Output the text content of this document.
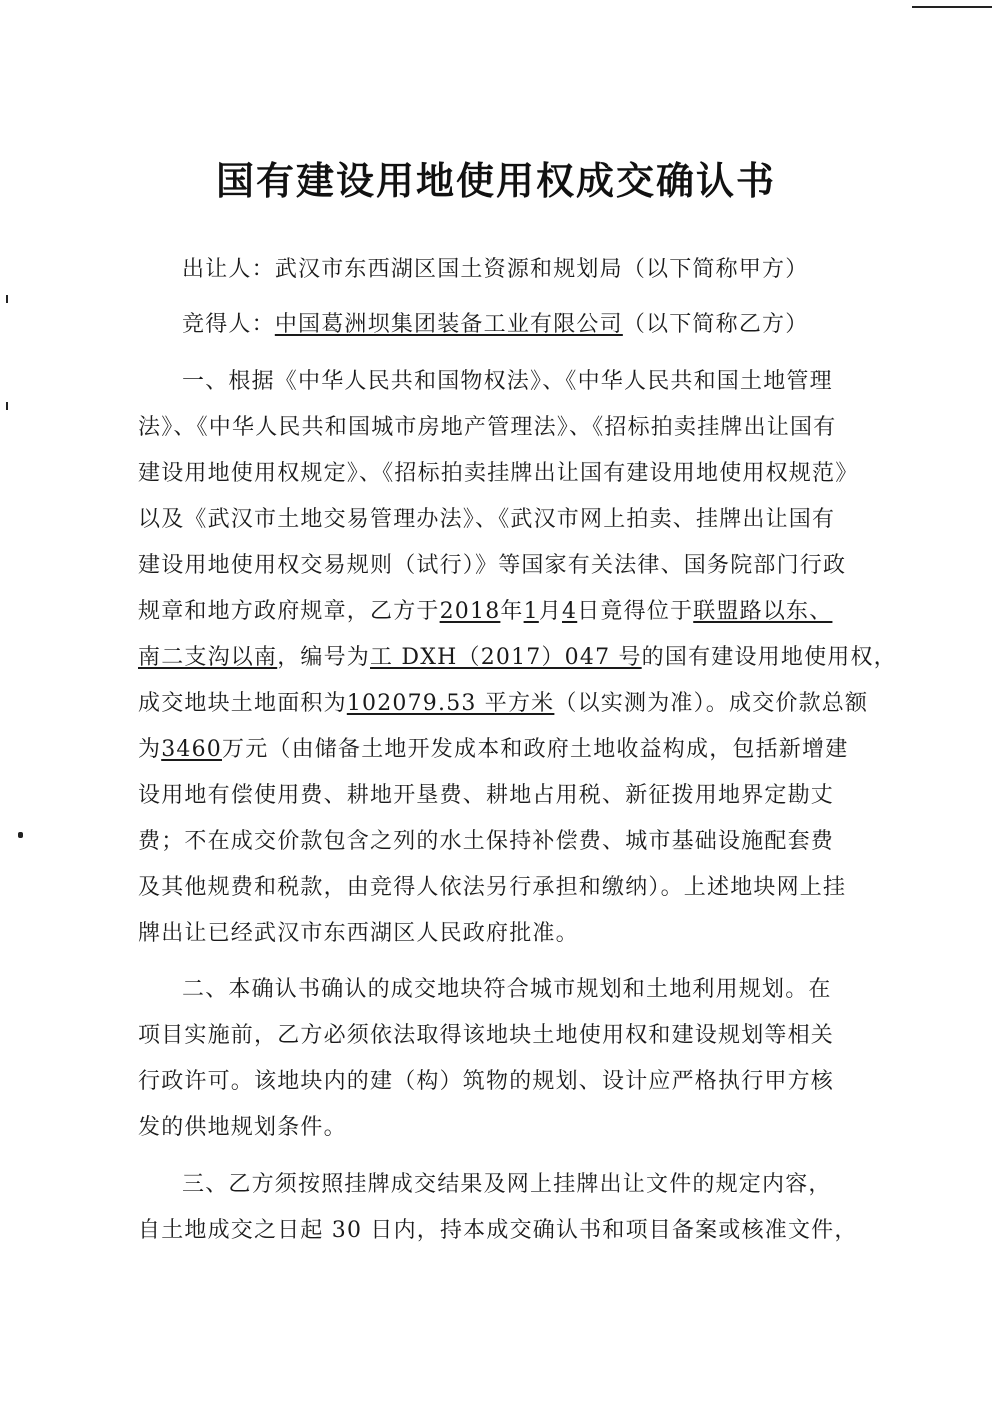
国有建设用地使用权成交确认书
出让人：武汉市东西湖区国土资源和规划局（以下简称甲方）
竞得人：中国葛洲坝集团装备工业有限公司（以下简称乙方）
一、根据《中华人民共和国物权法》、《中华人民共和国土地管理
法》、《中华人民共和国城市房地产管理法》、《招标拍卖挂牌出让国有
建设用地使用权规定》、《招标拍卖挂牌出让国有建设用地使用权规范》
以及《武汉市土地交易管理办法》、《武汉市网上拍卖、挂牌出让国有
建设用地使用权交易规则（试行）》等国家有关法律、国务院部门行政
规章和地方政府规章，乙方于2018年1月4日竟得位于联盟路以东、
南二支沟以南，编号为工 DXH（2017）047 号的国有建设用地使用权，
成交地块土地面积为102079.53 平方米（以实测为准）。成交价款总额
为3460万元（由储备土地开发成本和政府土地收益构成，包括新增建
设用地有偿使用费、耕地开垦费、耕地占用税、新征拨用地界定勘丈
费；不在成交价款包含之列的水土保持补偿费、城市基础设施配套费
及其他规费和税款，由竞得人依法另行承担和缴纳）。上述地块网上挂
牌出让已经武汉市东西湖区人民政府批准。
二、本确认书确认的成交地块符合城市规划和土地利用规划。在
项目实施前，乙方必须依法取得该地块土地使用权和建设规划等相关
行政许可。该地块内的建（构）筑物的规划、设计应严格执行甲方核
发的供地规划条件。
三、乙方须按照挂牌成交结果及网上挂牌出让文件的规定内容，
自土地成交之日起 30 日内，持本成交确认书和项目备案或核准文件，
